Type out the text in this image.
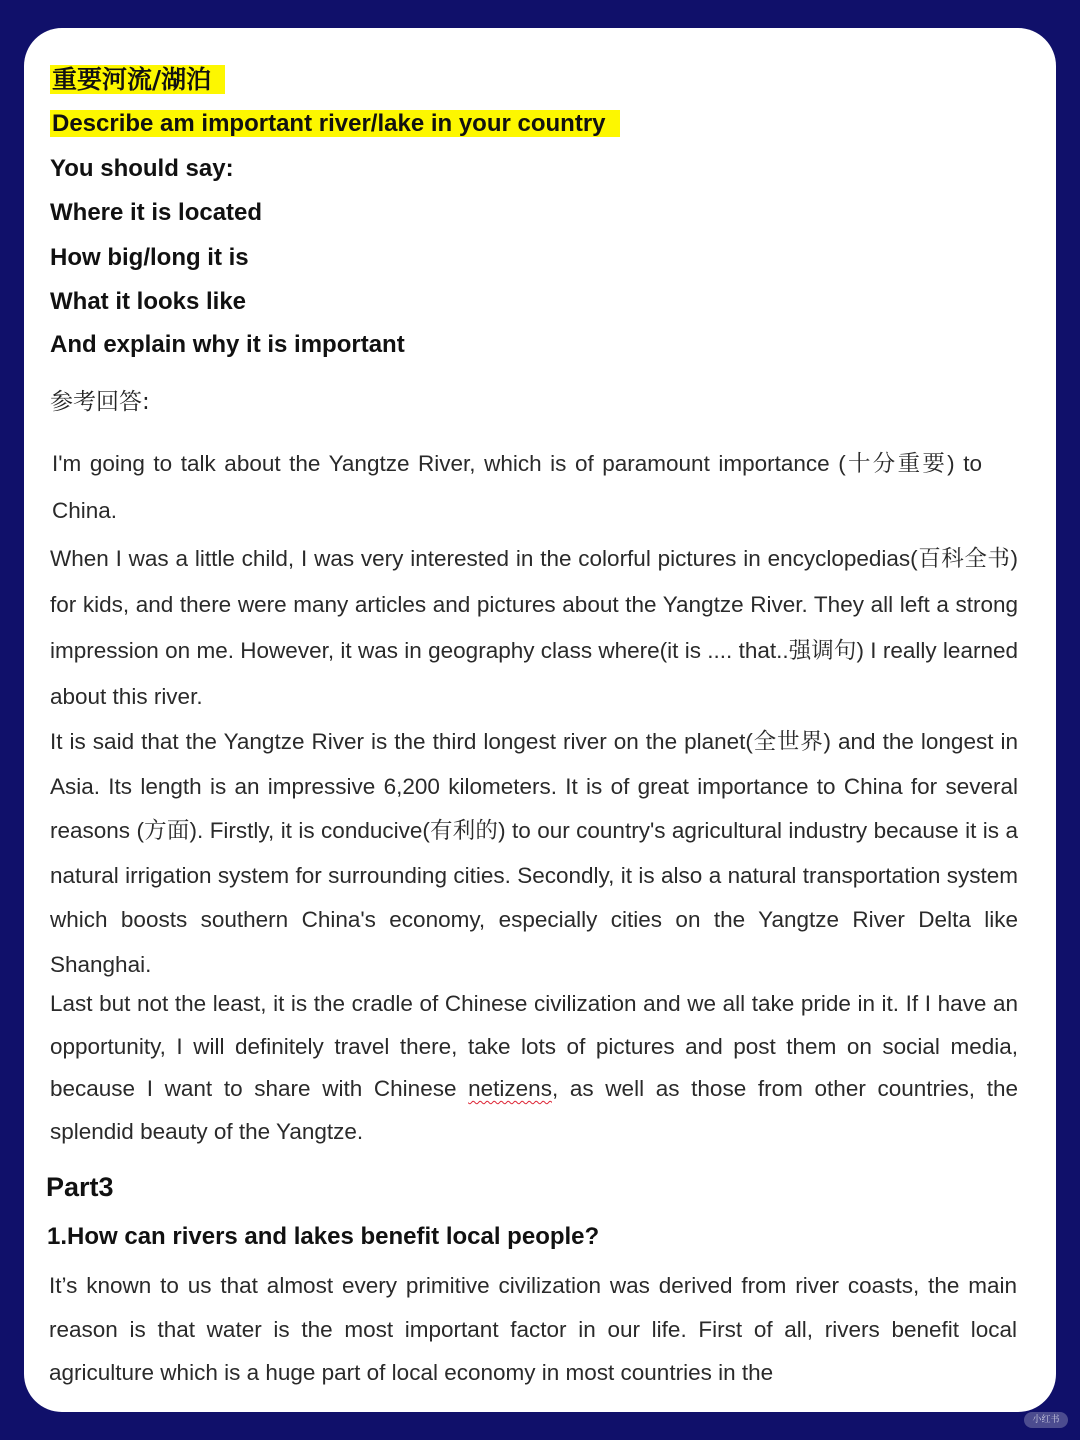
重要河流/湖泊
Describe am important river/lake in your country
You should say:
Where it is located
How big/long it is
What it looks like
And explain why it is important
参考回答:
I'm going to talk about the Yangtze River, which is of paramount importance (十分重要) to China.
When I was a little child, I was very interested in the colorful pictures in encyclopedias(百科全书) for kids, and there were many articles and pictures about the Yangtze River. They all left a strong impression on me. However, it was in geography class where(it is .... that..强调句) I really learned about this river.
It is said that the Yangtze River is the third longest river on the planet(全世界) and the longest in Asia. Its length is an impressive 6,200 kilometers. It is of great importance to China for several reasons (方面). Firstly, it is conducive(有利的) to our country's agricultural industry because it is a natural irrigation system for surrounding cities. Secondly, it is also a natural transportation system which boosts southern China's economy, especially cities on the Yangtze River Delta like Shanghai.
Last but not the least, it is the cradle of Chinese civilization and we all take pride in it. If I have an opportunity, I will definitely travel there, take lots of pictures and post them on social media, because I want to share with Chinese netizens, as well as those from other countries, the splendid beauty of the Yangtze.
Part3
1.How can rivers and lakes benefit local people?
It’s known to us that almost every primitive civilization was derived from river coasts, the main reason is that water is the most important factor in our life. First of all, rivers benefit local agriculture which is a huge part of local economy in most countries in the
小红书
